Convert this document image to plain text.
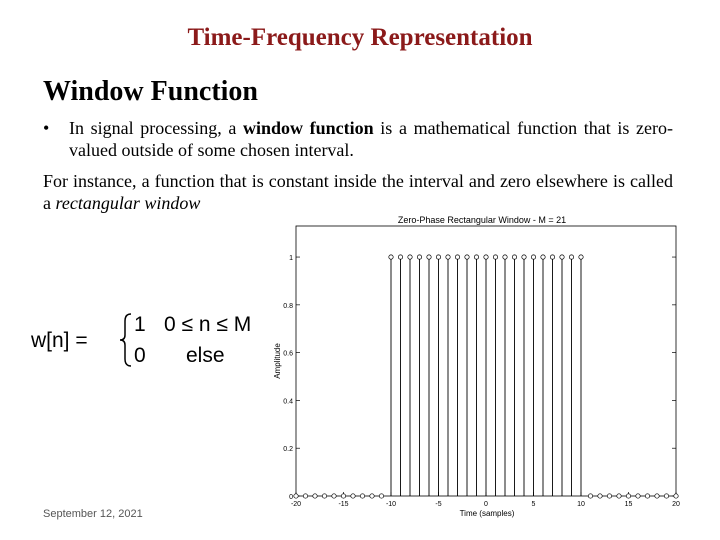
Time-Frequency Representation
Window Function
•	In signal processing, a window function is a mathematical function that is zero-valued outside of some chosen interval.
For instance, a function that is constant inside the interval and zero elsewhere is called a rectangular window
w[n] =
1 0 ≤ n ≤ M
0 else
Zero-Phase Rectangular Window - M = 21
0
0.2
0.4
0.6
0.8
1
-20	-15	-10	-5	0	5	10	15	20
Amplitude
Time (samples)
September 12, 2021
